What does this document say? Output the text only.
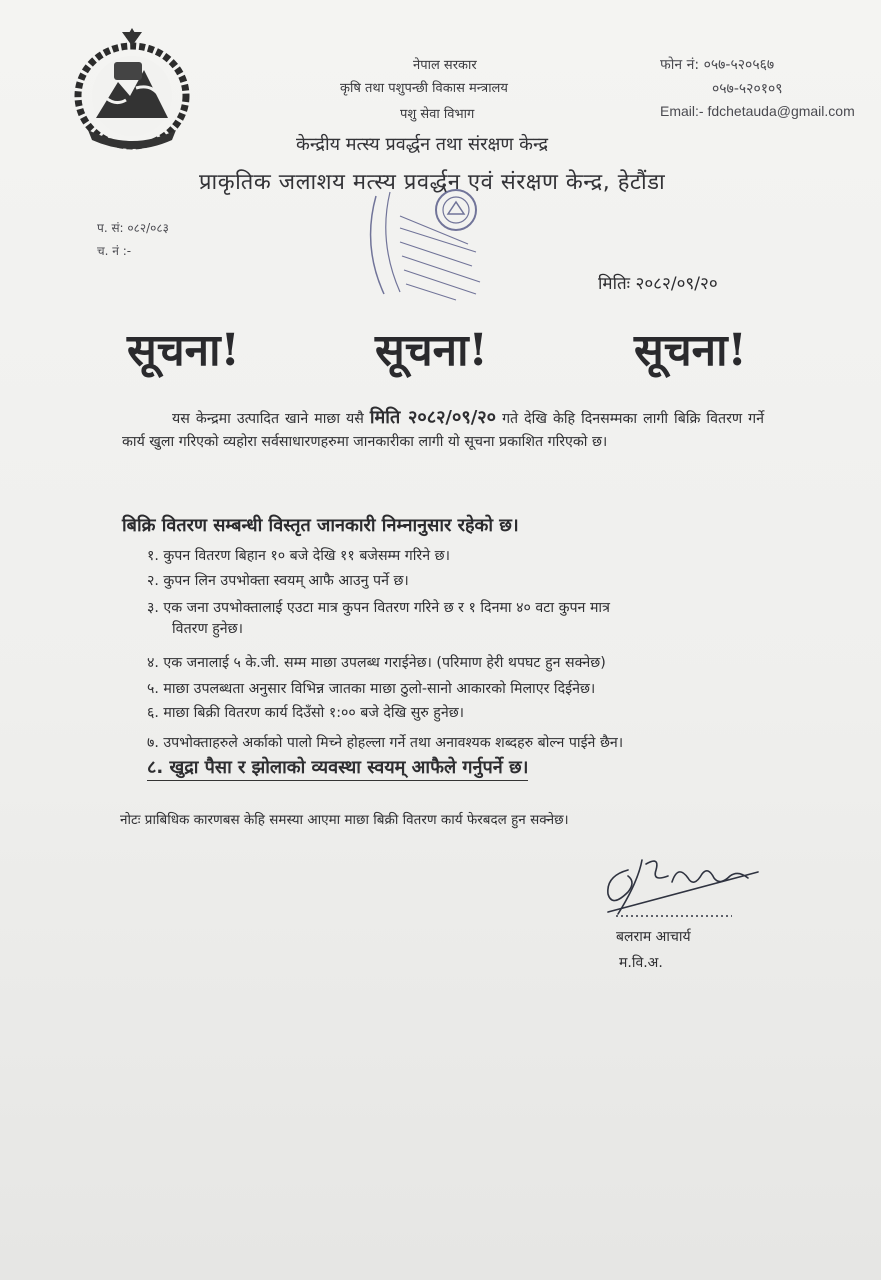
नेपाल सरकार
कृषि तथा पशुपन्छी विकास मन्त्रालय
पशु सेवा विभाग
केन्द्रीय मत्स्य प्रवर्द्धन तथा संरक्षण केन्द्र
प्राकृतिक जलाशय मत्स्य प्रवर्द्धन एवं संरक्षण केन्द्र, हेटौंडा
फोन नं: ०५७-५२०५६७
०५७-५२०१०९
Email:- fdchetauda@gmail.com
प. सं: ०८२/०८३
च. नं :-
मितिः २०८२/०९/२०
सूचना!	सूचना!	सूचना!
यस केन्द्रमा उत्पादित खाने माछा यसै मिति २०८२/०९/२० गते देखि केहि दिनसम्मका लागी बिक्रि वितरण गर्ने कार्य खुला गरिएको व्यहोरा सर्वसाधारणहरुमा जानकारीका लागी यो सूचना प्रकाशित गरिएको छ।
बिक्रि वितरण सम्बन्धी विस्तृत जानकारी निम्नानुसार रहेको छ।
१. कुपन वितरण बिहान १० बजे देखि ११ बजेसम्म गरिने छ।
२. कुपन लिन उपभोक्ता स्वयम् आफै आउनु पर्ने छ।
३. एक जना उपभोक्तालाई एउटा मात्र कुपन वितरण गरिने छ र १ दिनमा ४० वटा कुपन मात्र
वितरण हुनेछ।
४. एक जनालाई ५ के.जी. सम्म माछा उपलब्ध गराईनेछ। (परिमाण हेरी थपघट हुन सक्नेछ)
५. माछा उपलब्धता अनुसार विभिन्न जातका माछा ठुलो-सानो आकारको मिलाएर दिईनेछ।
६. माछा बिक्री वितरण कार्य दिउँसो १:०० बजे देखि सुरु हुनेछ।
७. उपभोक्ताहरुले अर्काको पालो मिच्ने होहल्ला गर्ने तथा अनावश्यक शब्दहरु बोल्न पाईने छैन।
८. खुद्रा पैसा र झोलाको व्यवस्था स्वयम् आफैले गर्नुपर्ने छ।
नोटः प्राबिधिक कारणबस केहि समस्या आएमा माछा बिक्री वितरण कार्य फेरबदल हुन सक्नेछ।
बलराम आचार्य
म.वि.अ.
